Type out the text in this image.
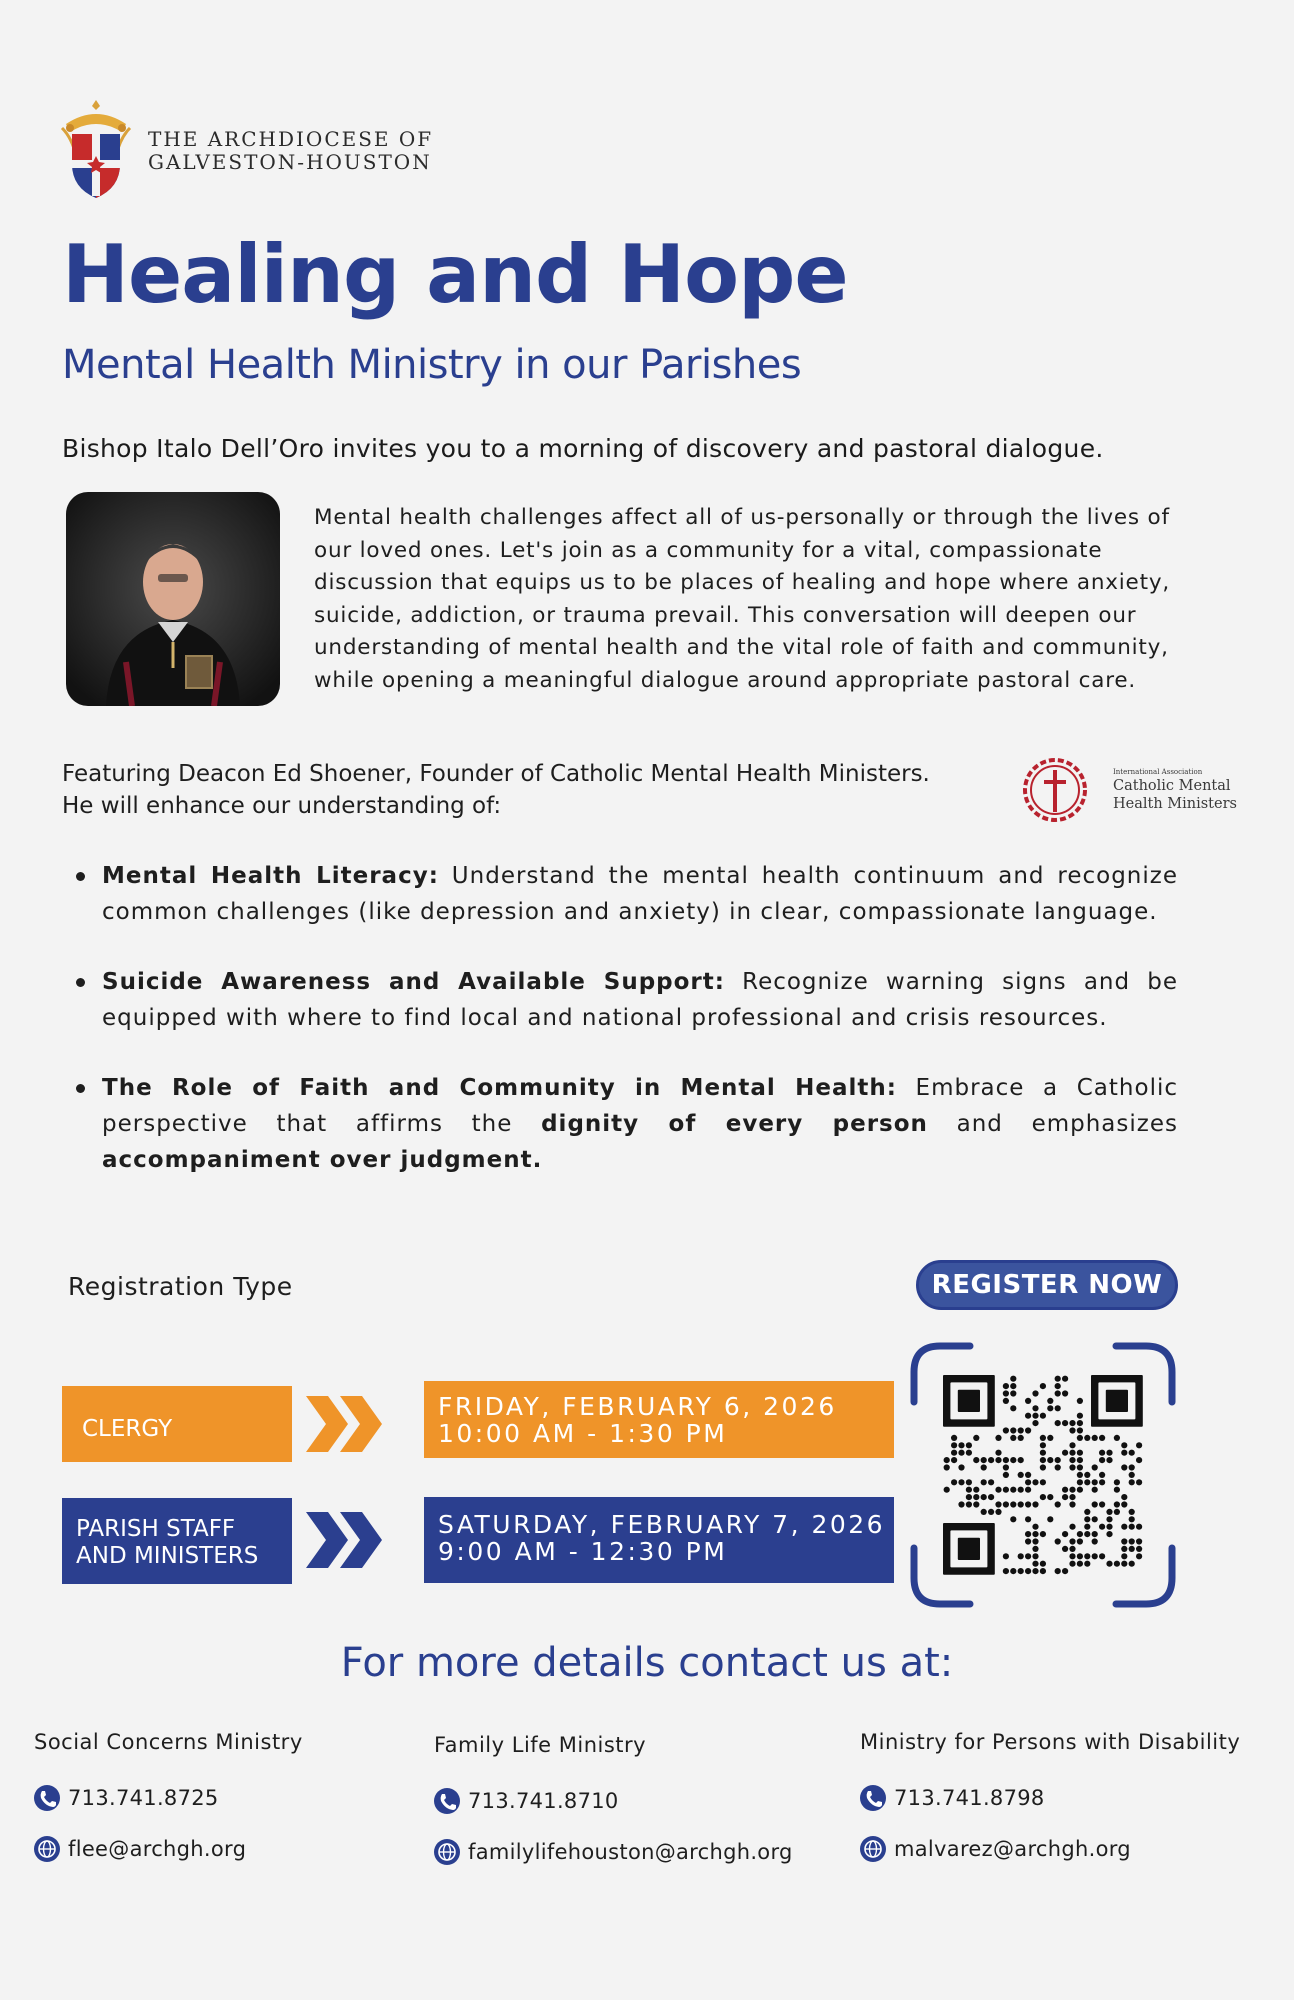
THE ARCHDIOCESE OF
GALVESTON-HOUSTON
Healing and Hope
Mental Health Ministry in our Parishes
Bishop Italo Dell’Oro invites you to a morning of discovery and pastoral dialogue.
Mental health challenges affect all of us-personally or through the lives of our loved ones. Let's join as a community for a vital, compassionate discussion that equips us to be places of healing and hope where anxiety, suicide, addiction, or trauma prevail. This conversation will deepen our understanding of mental health and the vital role of faith and community, while opening a meaningful dialogue around appropriate pastoral care.
Featuring Deacon Ed Shoener, Founder of Catholic Mental Health Ministers.
He will enhance our understanding of:
International Association
Catholic Mental
Health Ministers
Mental Health Literacy: Understand the mental health continuum and recognize common challenges (like depression and anxiety) in clear, compassionate language.
Suicide Awareness and Available Support: Recognize warning signs and be equipped with where to find local and national professional and crisis resources.
The Role of Faith and Community in Mental Health: Embrace a Catholic perspective that affirms the dignity of every person and emphasizes accompaniment over judgment.
Registration Type	REGISTER NOW
CLERGY
FRIDAY, FEBRUARY 6, 2026
10:00 AM - 1:30 PM
PARISH STAFF
AND MINISTERS
SATURDAY, FEBRUARY 7, 2026
9:00 AM - 12:30 PM
For more details contact us at:
Social Concerns Ministry
713.741.8725
flee@archgh.org
Family Life Ministry
713.741.8710
familylifehouston@archgh.org
Ministry for Persons with Disability
713.741.8798
malvarez@archgh.org
